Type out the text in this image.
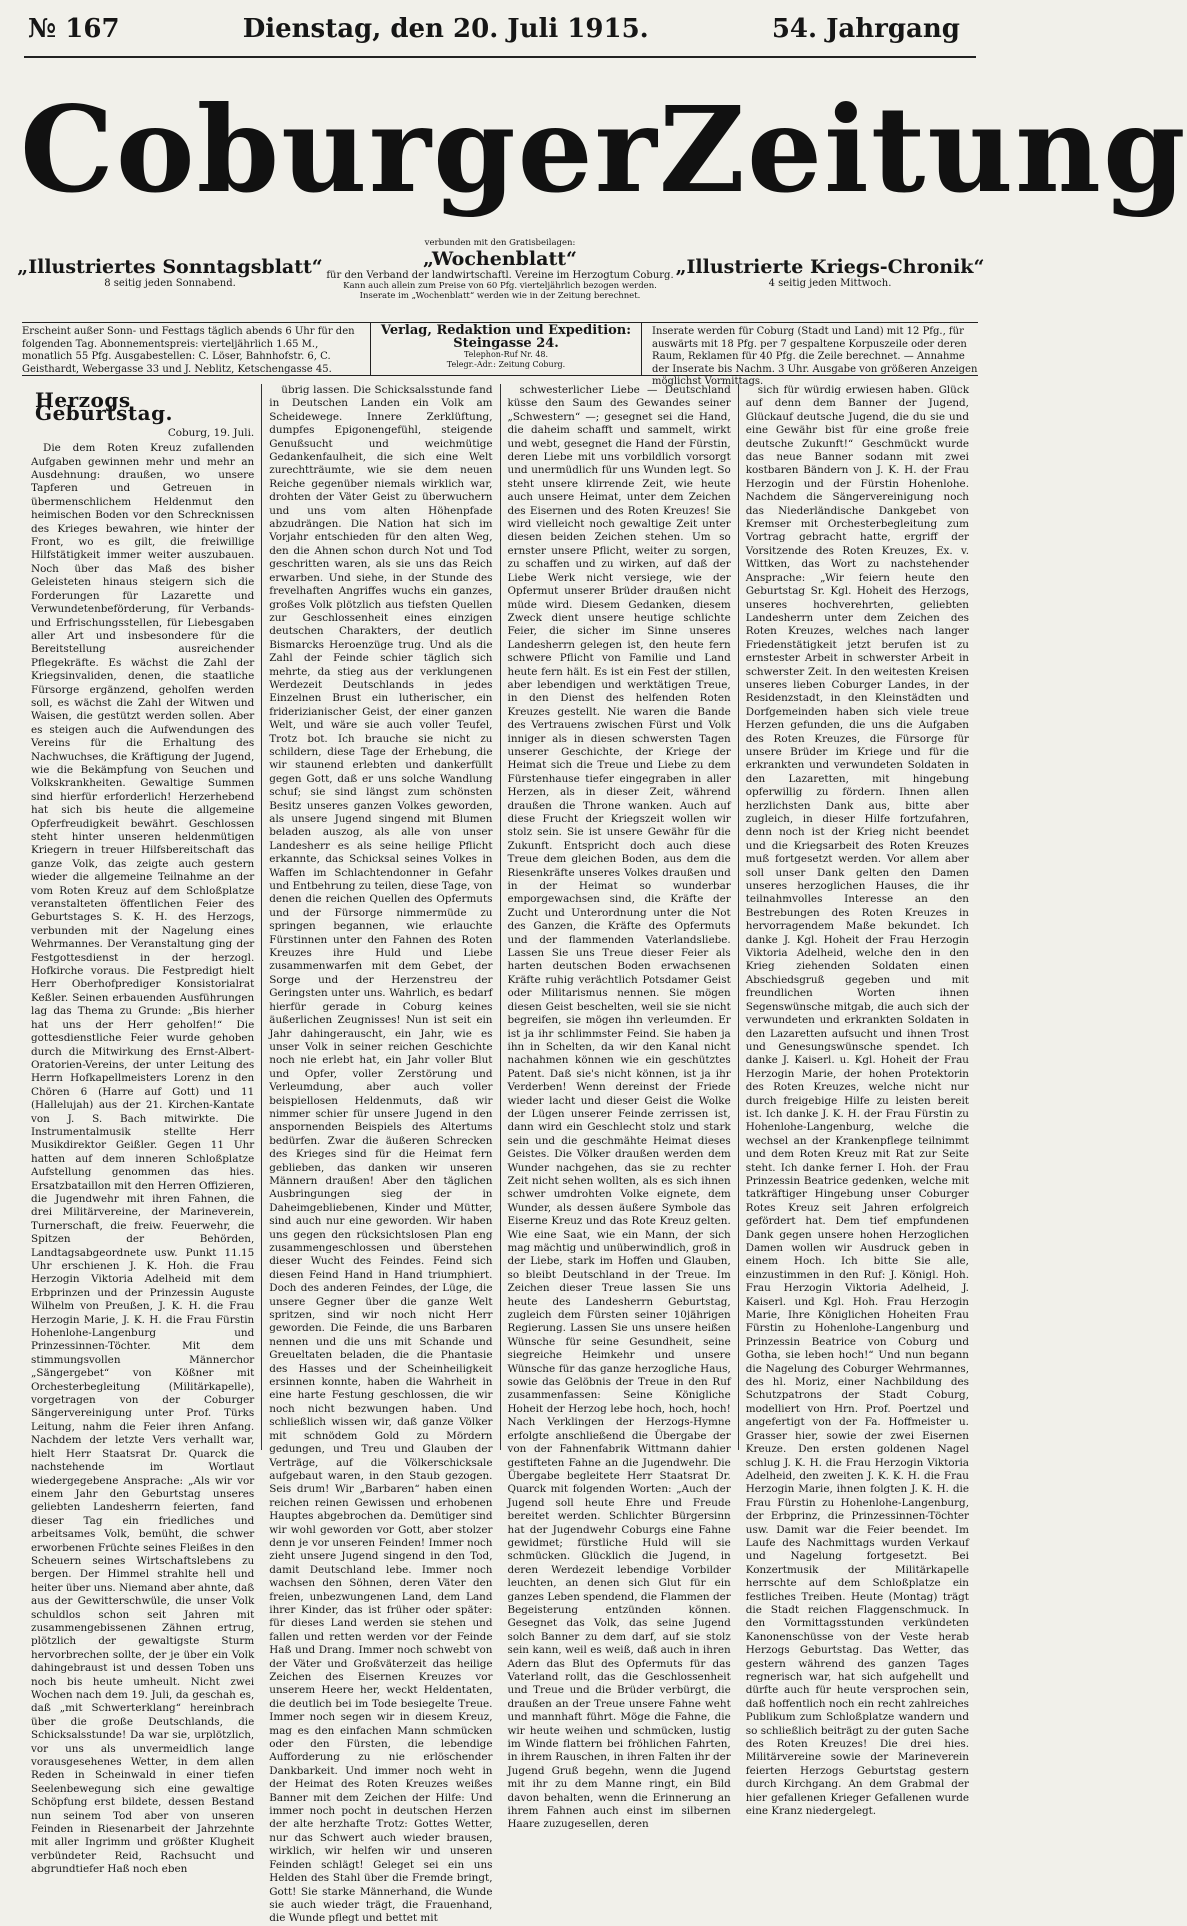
№ 167	Dienstag, den 20. Juli 1915.	54. Jahrgang
Coburger Zeitung
„Illustriertes Sonntagsblatt“
8 seitig jeden Sonnabend.
verbunden mit den Gratisbeilagen:
„Wochenblatt“
für den Verband der landwirtschaftl. Vereine im Herzogtum Coburg.
Kann auch allein zum Preise von 60 Pfg. vierteljährlich bezogen werden.
Inserate im „Wochenblatt“ werden wie in der Zeitung berechnet.
„Illustrierte Kriegs-Chronik“
4 seitig jeden Mittwoch.
Erscheint außer Sonn- und Festtags täglich abends 6 Uhr für den folgenden Tag. Abonnementspreis: vierteljährlich 1.65 M., monatlich 55 Pfg. Ausgabestellen: C. Löser, Bahnhofstr. 6, C. Geisthardt, Webergasse 33 und J. Neblitz, Ketschengasse 45.
Verlag, Redaktion und Expedition:
Steingasse 24.
Telephon-Ruf Nr. 48.
Telegr.-Adr.: Zeitung Coburg.
Inserate werden für Coburg (Stadt und Land) mit 12 Pfg., für auswärts mit 18 Pfg. per 7 gespaltene Korpuszeile oder deren Raum, Reklamen für 40 Pfg. die Zeile berechnet. — Annahme der Inserate bis Nachm. 3 Uhr. Ausgabe von größeren Anzeigen möglichst Vormittags.

Herzogs Geburtstag.

Coburg, 19. Juli.

Die dem Roten Kreuz zufallenden Aufgaben gewinnen mehr und mehr an Ausdehnung: draußen, wo unsere Tapferen und Getreuen in übermenschlichem Heldenmut den heimischen Boden vor den Schrecknissen des Krieges bewahren, wie hinter der Front, wo es gilt, die freiwillige Hilfstätigkeit immer weiter auszubauen. Noch über das Maß des bisher Geleisteten hinaus steigern sich die Forderungen für Lazarette und Verwundetenbeförderung, für Verbands- und Erfrischungsstellen, für Liebesgaben aller Art und insbesondere für die Bereitstellung ausreichender Pflegekräfte. Es wächst die Zahl der Kriegsinvaliden, denen, die staatliche Fürsorge ergänzend, geholfen werden soll, es wächst die Zahl der Witwen und Waisen, die gestützt werden sollen. Aber es steigen auch die Aufwendungen des Vereins für die Erhaltung des Nachwuchses, die Kräftigung der Jugend, wie die Bekämpfung von Seuchen und Volkskrankheiten. Gewaltige Summen sind hierfür erforderlich! Herzerhebend hat sich bis heute die allgemeine Opferfreudigkeit bewährt. Geschlossen steht hinter unseren heldenmütigen Kriegern in treuer Hilfsbereitschaft das ganze Volk, das zeigte auch gestern wieder die allgemeine Teilnahme an der vom Roten Kreuz auf dem Schloßplatze veranstalteten öffentlichen Feier des Geburtstages S. K. H. des Herzogs, verbunden mit der Nagelung eines Wehrmannes. Der Veranstaltung ging der Festgottesdienst in der herzogl. Hofkirche voraus. Die Festpredigt hielt Herr Oberhofprediger Konsistorialrat Keßler. Seinen erbauenden Ausführungen lag das Thema zu Grunde: „Bis hierher hat uns der Herr geholfen!“ Die gottesdienstliche Feier wurde gehoben durch die Mitwirkung des Ernst-Albert-Oratorien-Vereins, der unter Leitung des Herrn Hofkapellmeisters Lorenz in den Chören 6 (Harre auf Gott) und 11 (Hallelujah) aus der 21. Kirchen-Kantate von J. S. Bach mitwirkte. Die Instrumentalmusik stellte Herr Musikdirektor Geißler. Gegen 11 Uhr hatten auf dem inneren Schloßplatze Aufstellung genommen das hies. Ersatzbataillon mit den Herren Offizieren, die Jugendwehr mit ihren Fahnen, die drei Militärvereine, der Marineverein, Turnerschaft, die freiw. Feuerwehr, die Spitzen der Behörden, Landtagsabgeordnete usw. Punkt 11.15 Uhr erschienen J. K. Hoh. die Frau Herzogin Viktoria Adelheid mit dem Erbprinzen und der Prinzessin Auguste Wilhelm von Preußen, J. K. H. die Frau Herzogin Marie, J. K. H. die Frau Fürstin Hohenlohe-Langenburg und Prinzessinnen-Töchter. Mit dem stimmungsvollen Männerchor „Sängergebet“ von Kößner mit Orchesterbegleitung (Militärkapelle), vorgetragen von der Coburger Sängervereinigung unter Prof. Türks Leitung, nahm die Feier ihren Anfang. Nachdem der letzte Vers verhallt war, hielt Herr Staatsrat Dr. Quarck die nachstehende im Wortlaut wiedergegebene Ansprache: „Als wir vor einem Jahr den Geburtstag unseres geliebten Landesherrn feierten, fand dieser Tag ein friedliches und arbeitsames Volk, bemüht, die schwer erworbenen Früchte seines Fleißes in den Scheuern seines Wirtschaftslebens zu bergen. Der Himmel strahlte hell und heiter über uns. Niemand aber ahnte, daß aus der Gewitterschwüle, die unser Volk schuldlos schon seit Jahren mit zusammengebissenen Zähnen ertrug, plötzlich der gewaltigste Sturm hervorbrechen sollte, der je über ein Volk dahingebraust ist und dessen Toben uns noch bis heute umheult. Nicht zwei Wochen nach dem 19. Juli, da geschah es, daß „mit Schwerterklang“ hereinbrach über die große Deutschlands, die Schicksalsstunde! Da war sie, urplötzlich, vor uns als unvermeidlich lange vorausgesehenes Wetter, in dem allen Reden in Scheinwald in einer tiefen Seelenbewegung sich eine gewaltige Schöpfung erst bildete, dessen Bestand nun seinem Tod aber von unseren Feinden in Riesenarbeit der Jahrzehnte mit aller Ingrimm und größter Klugheit verbündeter Reid, Rachsucht und abgrundtiefer Haß noch eben

übrig lassen. Die Schicksalsstunde fand in Deutschen Landen ein Volk am Scheidewege. Innere Zerklüftung, dumpfes Epigonengefühl, steigende Genußsucht und weichmütige Gedankenfaulheit, die sich eine Welt zurechtträumte, wie sie dem neuen Reiche gegenüber niemals wirklich war, drohten der Väter Geist zu überwuchern und uns vom alten Höhenpfade abzudrängen. Die Nation hat sich im Vorjahr entschieden für den alten Weg, den die Ahnen schon durch Not und Tod geschritten waren, als sie uns das Reich erwarben. Und siehe, in der Stunde des frevelhaften Angriffes wuchs ein ganzes, großes Volk plötzlich aus tiefsten Quellen zur Geschlossenheit eines einzigen deutschen Charakters, der deutlich Bismarcks Heroenzüge trug. Und als die Zahl der Feinde schier täglich sich mehrte, da stieg aus der verklungenen Werdezeit Deutschlands in jedes Einzelnen Brust ein lutherischer, ein friderizianischer Geist, der einer ganzen Welt, und wäre sie auch voller Teufel, Trotz bot. Ich brauche sie nicht zu schildern, diese Tage der Erhebung, die wir staunend erlebten und dankerfüllt gegen Gott, daß er uns solche Wandlung schuf; sie sind längst zum schönsten Besitz unseres ganzen Volkes geworden, als unsere Jugend singend mit Blumen beladen auszog, als alle von unser Landesherr es als seine heilige Pflicht erkannte, das Schicksal seines Volkes in Waffen im Schlachtendonner in Gefahr und Entbehrung zu teilen, diese Tage, von denen die reichen Quellen des Opfermuts und der Fürsorge nimmermüde zu springen begannen, wie erlauchte Fürstinnen unter den Fahnen des Roten Kreuzes ihre Huld und Liebe zusammenwarfen mit dem Gebet, der Sorge und der Herzenstreu der Geringsten unter uns. Wahrlich, es bedarf hierfür gerade in Coburg keines äußerlichen Zeugnisses! Nun ist seit ein Jahr dahingerauscht, ein Jahr, wie es unser Volk in seiner reichen Geschichte noch nie erlebt hat, ein Jahr voller Blut und Opfer, voller Zerstörung und Verleumdung, aber auch voller beispiellosen Heldenmuts, daß wir nimmer schier für unsere Jugend in den anspornenden Beispiels des Altertums bedürfen. Zwar die äußeren Schrecken des Krieges sind für die Heimat fern geblieben, das danken wir unseren Männern draußen! Aber den täglichen Ausbringungen sieg der in Daheimgebliebenen, Kinder und Mütter, sind auch nur eine geworden. Wir haben uns gegen den rücksichtslosen Plan eng zusammengeschlossen und überstehen dieser Wucht des Feindes. Feind sich diesen Feind Hand in Hand triumphiert. Doch des anderen Feindes, der Lüge, die unsere Gegner über die ganze Welt spritzen, sind wir noch nicht Herr geworden. Die Feinde, die uns Barbaren nennen und die uns mit Schande und Greueltaten beladen, die die Phantasie des Hasses und der Scheinheiligkeit ersinnen konnte, haben die Wahrheit in eine harte Festung geschlossen, die wir noch nicht bezwungen haben. Und schließlich wissen wir, daß ganze Völker mit schnödem Gold zu Mördern gedungen, und Treu und Glauben der Verträge, auf die Völkerschicksale aufgebaut waren, in den Staub gezogen. Seis drum! Wir „Barbaren“ haben einen reichen reinen Gewissen und erhobenen Hauptes abgebrochen da. Demütiger sind wir wohl geworden vor Gott, aber stolzer denn je vor unseren Feinden! Immer noch zieht unsere Jugend singend in den Tod, damit Deutschland lebe. Immer noch wachsen den Söhnen, deren Väter den freien, unbezwungenen Land, dem Land ihrer Kinder, das ist früher oder später: für dieses Land werden sie stehen und fallen und retten werden vor der Feinde Haß und Drang. Immer noch schwebt von der Väter und Großväterzeit das heilige Zeichen des Eisernen Kreuzes vor unserem Heere her, weckt Heldentaten, die deutlich bei im Tode besiegelte Treue. Immer noch segen wir in diesem Kreuz, mag es den einfachen Mann schmücken oder den Fürsten, die lebendige Aufforderung zu nie erlöschender Dankbarkeit. Und immer noch weht in der Heimat des Roten Kreuzes weißes Banner mit dem Zeichen der Hilfe: Und immer noch pocht in deutschen Herzen der alte herzhafte Trotz: Gottes Wetter, nur das Schwert auch wieder brausen, wirklich, wir helfen wir und unseren Feinden schlägt! Geleget sei ein uns Helden des Stahl über die Fremde bringt, Gott! Sie starke Männerhand, die Wunde sie auch wieder trägt, die Frauenhand, die Wunde pflegt und bettet mit

schwesterlicher Liebe — Deutschland küsse den Saum des Gewandes seiner „Schwestern“ —; gesegnet sei die Hand, die daheim schafft und sammelt, wirkt und webt, gesegnet die Hand der Fürstin, deren Liebe mit uns vorbildlich vorsorgt und unermüdlich für uns Wunden legt. So steht unsere klirrende Zeit, wie heute auch unsere Heimat, unter dem Zeichen des Eisernen und des Roten Kreuzes! Sie wird vielleicht noch gewaltige Zeit unter diesen beiden Zeichen stehen. Um so ernster unsere Pflicht, weiter zu sorgen, zu schaffen und zu wirken, auf daß der Liebe Werk nicht versiege, wie der Opfermut unserer Brüder draußen nicht müde wird. Diesem Gedanken, diesem Zweck dient unsere heutige schlichte Feier, die sicher im Sinne unseres Landesherrn gelegen ist, den heute fern schwere Pflicht von Familie und Land heute fern hält. Es ist ein Fest der stillen, aber lebendigen und werktätigen Treue, in den Dienst des helfenden Roten Kreuzes gestellt. Nie waren die Bande des Vertrauens zwischen Fürst und Volk inniger als in diesen schwersten Tagen unserer Geschichte, der Kriege der Heimat sich die Treue und Liebe zu dem Fürstenhause tiefer eingegraben in aller Herzen, als in dieser Zeit, während draußen die Throne wanken. Auch auf diese Frucht der Kriegszeit wollen wir stolz sein. Sie ist unsere Gewähr für die Zukunft. Entspricht doch auch diese Treue dem gleichen Boden, aus dem die Riesenkräfte unseres Volkes draußen und in der Heimat so wunderbar emporgewachsen sind, die Kräfte der Zucht und Unterordnung unter die Not des Ganzen, die Kräfte des Opfermuts und der flammenden Vaterlandsliebe. Lassen Sie uns Treue dieser Feier als harten deutschen Boden erwachsenen Kräfte ruhig verächtlich Potsdamer Geist oder Militarismus nennen. Sie mögen diesen Geist beschelten, weil sie sie nicht begreifen, sie mögen ihn verleumden. Er ist ja ihr schlimmster Feind. Sie haben ja ihn in Schelten, da wir den Kanal nicht nachahmen können wie ein geschütztes Patent. Daß sie's nicht können, ist ja ihr Verderben! Wenn dereinst der Friede wieder lacht und dieser Geist die Wolke der Lügen unserer Feinde zerrissen ist, dann wird ein Geschlecht stolz und stark sein und die geschmähte Heimat dieses Geistes. Die Völker draußen werden dem Wunder nachgehen, das sie zu rechter Zeit nicht sehen wollten, als es sich ihnen schwer umdrohten Volke eignete, dem Wunder, als dessen äußere Symbole das Eiserne Kreuz und das Rote Kreuz gelten. Wie eine Saat, wie ein Mann, der sich mag mächtig und unüberwindlich, groß in der Liebe, stark im Hoffen und Glauben, so bleibt Deutschland in der Treue. Im Zeichen dieser Treue lassen Sie uns heute des Landesherrn Geburtstag, zugleich dem Fürsten seiner 10jährigen Regierung. Lassen Sie uns unsere heißen Wünsche für seine Gesundheit, seine siegreiche Heimkehr und unsere Wünsche für das ganze herzogliche Haus, sowie das Gelöbnis der Treue in den Ruf zusammenfassen: Seine Königliche Hoheit der Herzog lebe hoch, hoch, hoch! Nach Verklingen der Herzogs-Hymne erfolgte anschließend die Übergabe der von der Fahnenfabrik Wittmann dahier gestifteten Fahne an die Jugendwehr. Die Übergabe begleitete Herr Staatsrat Dr. Quarck mit folgenden Worten: „Auch der Jugend soll heute Ehre und Freude bereitet werden. Schlichter Bürgersinn hat der Jugendwehr Coburgs eine Fahne gewidmet; fürstliche Huld will sie schmücken. Glücklich die Jugend, in deren Werdezeit lebendige Vorbilder leuchten, an denen sich Glut für ein ganzes Leben spendend, die Flammen der Begeisterung entzünden können. Gesegnet das Volk, das seine Jugend solch Banner zu dem darf, auf sie stolz sein kann, weil es weiß, daß auch in ihren Adern das Blut des Opfermuts für das Vaterland rollt, das die Geschlossenheit und Treue und die Brüder verbürgt, die draußen an der Treue unsere Fahne weht und mannhaft führt. Möge die Fahne, die wir heute weihen und schmücken, lustig im Winde flattern bei fröhlichen Fahrten, in ihrem Rauschen, in ihren Falten ihr der Jugend Gruß begehn, wenn die Jugend mit ihr zu dem Manne ringt, ein Bild davon behalten, wenn die Erinnerung an ihrem Fahnen auch einst im silbernen Haare zuzugesellen, deren

sich für würdig erwiesen haben. Glück auf denn dem Banner der Jugend, Glückauf deutsche Jugend, die du sie und eine Gewähr bist für eine große freie deutsche Zukunft!“ Geschmückt wurde das neue Banner sodann mit zwei kostbaren Bändern von J. K. H. der Frau Herzogin und der Fürstin Hohenlohe. Nachdem die Sängervereinigung noch das Niederländische Dankgebet von Kremser mit Orchesterbegleitung zum Vortrag gebracht hatte, ergriff der Vorsitzende des Roten Kreuzes, Ex. v. Wittken, das Wort zu nachstehender Ansprache: „Wir feiern heute den Geburtstag Sr. Kgl. Hoheit des Herzogs, unseres hochverehrten, geliebten Landesherrn unter dem Zeichen des Roten Kreuzes, welches nach langer Friedenstätigkeit jetzt berufen ist zu ernstester Arbeit in schwerster Arbeit in schwerster Zeit. In den weitesten Kreisen unseres lieben Coburger Landes, in der Residenzstadt, in den Kleinstädten und Dorfgemeinden haben sich viele treue Herzen gefunden, die uns die Aufgaben des Roten Kreuzes, die Fürsorge für unsere Brüder im Kriege und für die erkrankten und verwundeten Soldaten in den Lazaretten, mit hingebung opferwillig zu fördern. Ihnen allen herzlichsten Dank aus, bitte aber zugleich, in dieser Hilfe fortzufahren, denn noch ist der Krieg nicht beendet und die Kriegsarbeit des Roten Kreuzes muß fortgesetzt werden. Vor allem aber soll unser Dank gelten den Damen unseres herzoglichen Hauses, die ihr teilnahmvolles Interesse an den Bestrebungen des Roten Kreuzes in hervorragendem Maße bekundet. Ich danke J. Kgl. Hoheit der Frau Herzogin Viktoria Adelheid, welche den in den Krieg ziehenden Soldaten einen Abschiedsgruß gegeben und mit freundlichen Worten ihnen Segenswünsche mitgab, die auch sich der verwundeten und erkrankten Soldaten in den Lazaretten aufsucht und ihnen Trost und Genesungswünsche spendet. Ich danke J. Kaiserl. u. Kgl. Hoheit der Frau Herzogin Marie, der hohen Protektorin des Roten Kreuzes, welche nicht nur durch freigebige Hilfe zu leisten bereit ist. Ich danke J. K. H. der Frau Fürstin zu Hohenlohe-Langenburg, welche die wechsel an der Krankenpflege teilnimmt und dem Roten Kreuz mit Rat zur Seite steht. Ich danke ferner I. Hoh. der Frau Prinzessin Beatrice gedenken, welche mit tatkräftiger Hingebung unser Coburger Rotes Kreuz seit Jahren erfolgreich gefördert hat. Dem tief empfundenen Dank gegen unsere hohen Herzoglichen Damen wollen wir Ausdruck geben in einem Hoch. Ich bitte Sie alle, einzustimmen in den Ruf: J. Königl. Hoh. Frau Herzogin Viktoria Adelheid, J. Kaiserl. und Kgl. Hoh. Frau Herzogin Marie, Ihre Königlichen Hoheiten Frau Fürstin zu Hohenlohe-Langenburg und Prinzessin Beatrice von Coburg und Gotha, sie leben hoch!“ Und nun begann die Nagelung des Coburger Wehrmannes, des hl. Moriz, einer Nachbildung des Schutzpatrons der Stadt Coburg, modelliert von Hrn. Prof. Poertzel und angefertigt von der Fa. Hoffmeister u. Grasser hier, sowie der zwei Eisernen Kreuze. Den ersten goldenen Nagel schlug J. K. H. die Frau Herzogin Viktoria Adelheid, den zweiten J. K. K. H. die Frau Herzogin Marie, ihnen folgten J. K. H. die Frau Fürstin zu Hohenlohe-Langenburg, der Erbprinz, die Prinzessinnen-Töchter usw. Damit war die Feier beendet. Im Laufe des Nachmittags wurden Verkauf und Nagelung fortgesetzt. Bei Konzertmusik der Militärkapelle herrschte auf dem Schloßplatze ein festliches Treiben. Heute (Montag) trägt die Stadt reichen Flaggenschmuck. In den Vormittagsstunden verkündeten Kanonenschüsse von der Veste herab Herzogs Geburtstag. Das Wetter, das gestern während des ganzen Tages regnerisch war, hat sich aufgehellt und dürfte auch für heute versprochen sein, daß hoffentlich noch ein recht zahlreiches Publikum zum Schloßplatze wandern und so schließlich beiträgt zu der guten Sache des Roten Kreuzes! Die drei hies. Militärvereine sowie der Marineverein feierten Herzogs Geburtstag gestern durch Kirchgang. An dem Grabmal der hier gefallenen Krieger Gefallenen wurde eine Kranz niedergelegt.
